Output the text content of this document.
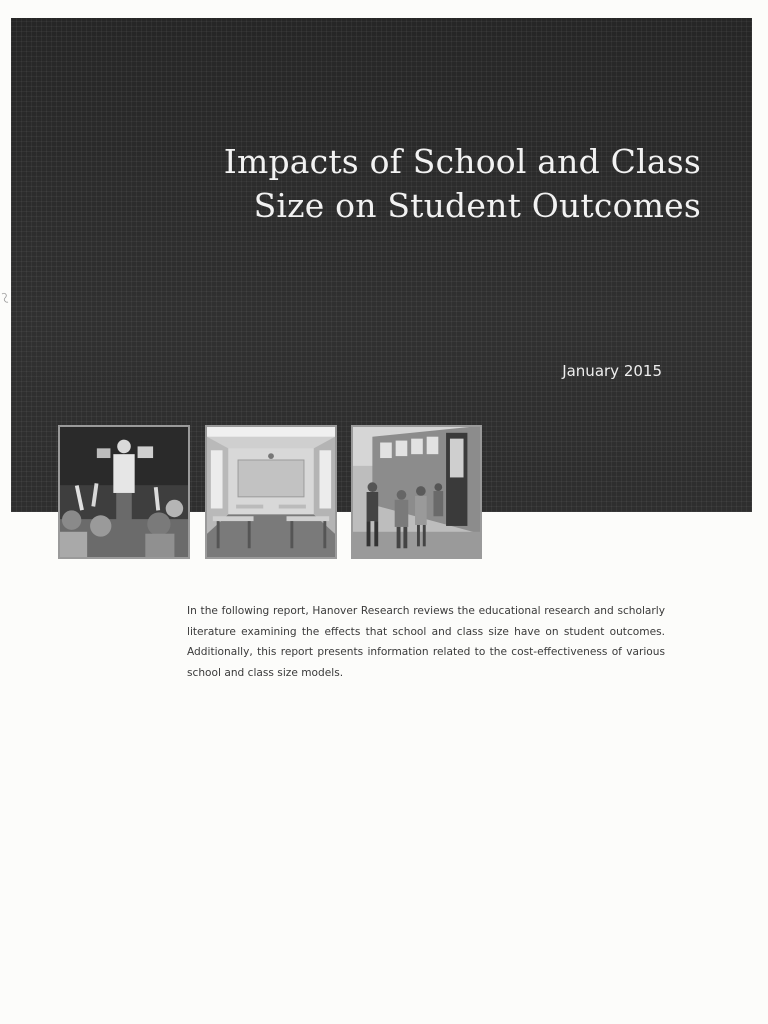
Impacts of School and Class
Size on Student Outcomes
January 2015

In the following report, Hanover Research reviews the educational research and scholarly literature examining the effects that school and class size have on student outcomes. Additionally, this report presents information related to the cost-effectiveness of various school and class size models.
